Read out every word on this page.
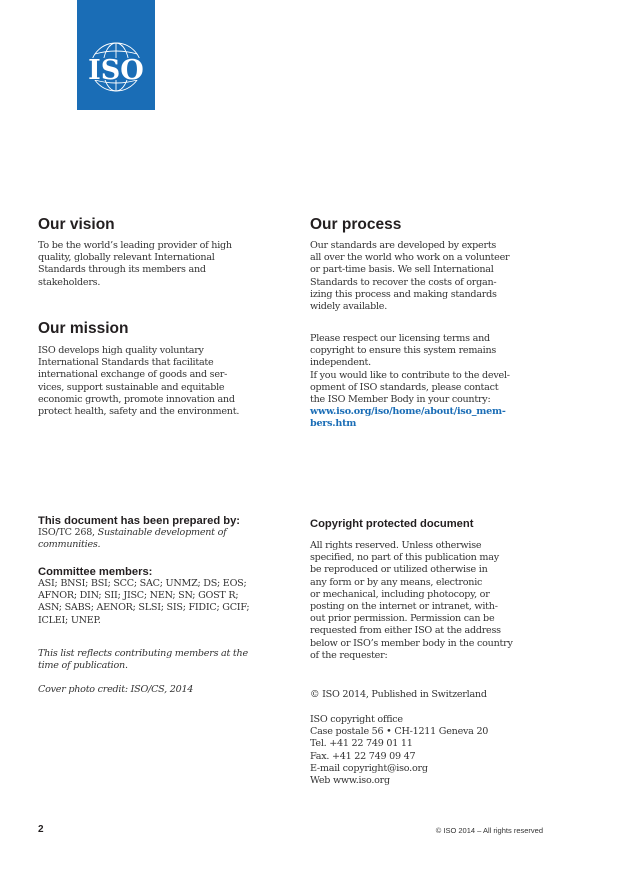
ISO
Our vision
To be the world’s leading provider of high
quality, globally relevant International
Standards through its members and
stakeholders.
Our mission
ISO develops high quality voluntary
International Standards that facilitate
international exchange of goods and ser-
vices, support sustainable and equitable
economic growth, promote innovation and
protect health, safety and the environment.
Our process
Our standards are developed by experts
all over the world who work on a volunteer
or part-time basis. We sell International
Standards to recover the costs of organ-
izing this process and making standards
widely available.
Please respect our licensing terms and
copyright to ensure this system remains
independent.
If you would like to contribute to the devel-
opment of ISO standards, please contact
the ISO Member Body in your country:
www.iso.org/iso/home/about/iso_mem-
bers.htm
This document has been prepared by:
ISO/TC 268, Sustainable development of
communities.
Committee members:
ASI; BNSI; BSI; SCC; SAC; UNMZ; DS; EOS;
AFNOR; DIN; SII; JISC; NEN; SN; GOST R;
ASN; SABS; AENOR; SLSI; SIS; FIDIC; GCIF;
ICLEI; UNEP.
This list reflects contributing members at the
time of publication.
Cover photo credit: ISO/CS, 2014
Copyright protected document
All rights reserved. Unless otherwise
specified, no part of this publication may
be reproduced or utilized otherwise in
any form or by any means, electronic
or mechanical, including photocopy, or
posting on the internet or intranet, with-
out prior permission. Permission can be
requested from either ISO at the address
below or ISO’s member body in the country
of the requester:
© ISO 2014, Published in Switzerland
ISO copyright office
Case postale 56 • CH-1211 Geneva 20
Tel. +41 22 749 01 11
Fax. +41 22 749 09 47
E-mail copyright@iso.org
Web www.iso.org
2	© ISO 2014 – All rights reserved
